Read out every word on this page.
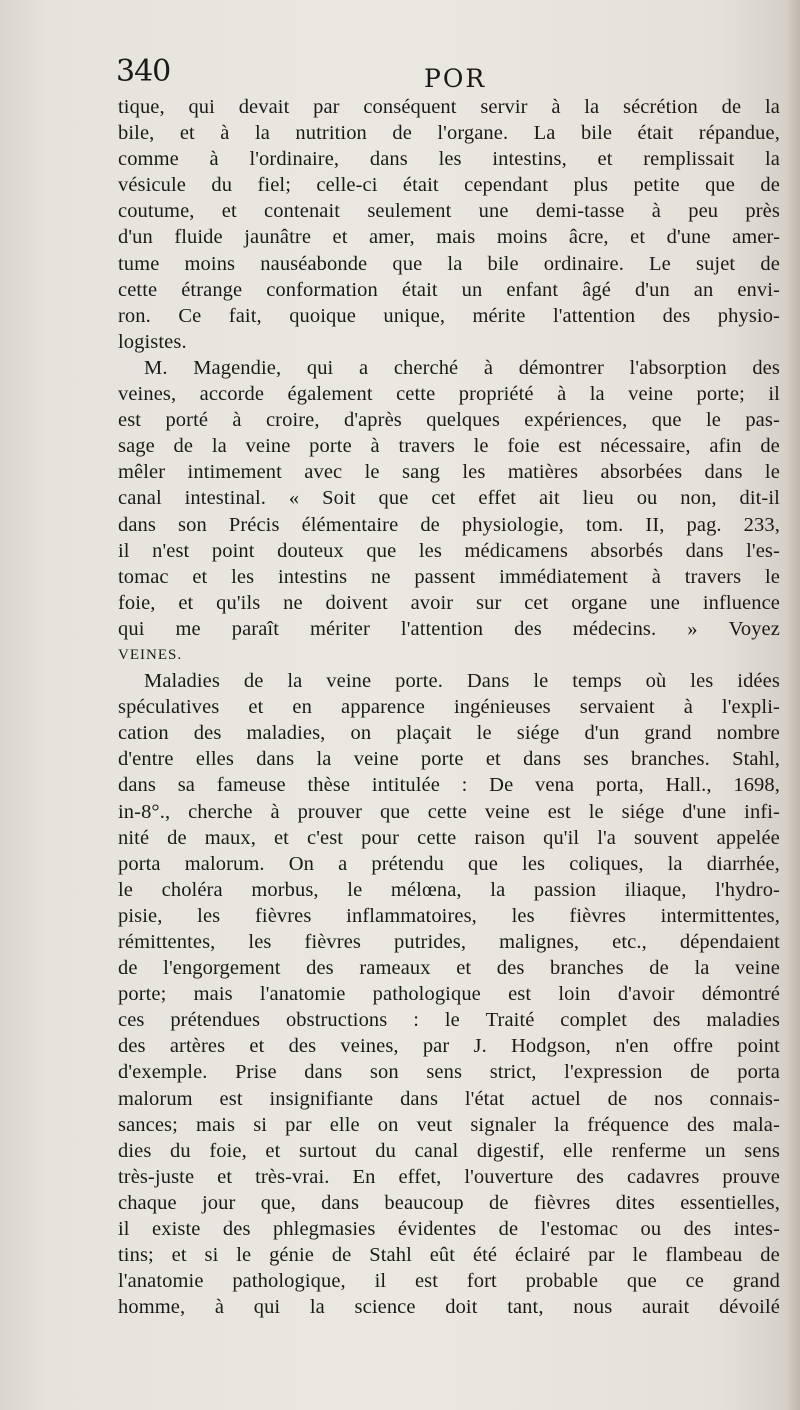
340	POR
tique, qui devait par conséquent servir à la sécrétion de la
bile, et à la nutrition de l'organe. La bile était répandue,
comme à l'ordinaire, dans les intestins, et remplissait la
vésicule du fiel; celle-ci était cependant plus petite que de
coutume, et contenait seulement une demi-tasse à peu près
d'un fluide jaunâtre et amer, mais moins âcre, et d'une amer-
tume moins nauséabonde que la bile ordinaire. Le sujet de
cette étrange conformation était un enfant âgé d'un an envi-
ron. Ce fait, quoique unique, mérite l'attention des physio-
logistes.
M. Magendie, qui a cherché à démontrer l'absorption des
veines, accorde également cette propriété à la veine porte; il
est porté à croire, d'après quelques expériences, que le pas-
sage de la veine porte à travers le foie est nécessaire, afin de
mêler intimement avec le sang les matières absorbées dans le
canal intestinal. « Soit que cet effet ait lieu ou non, dit-il
dans son Précis élémentaire de physiologie, tom. II, pag. 233,
il n'est point douteux que les médicamens absorbés dans l'es-
tomac et les intestins ne passent immédiatement à travers le
foie, et qu'ils ne doivent avoir sur cet organe une influence
qui me paraît mériter l'attention des médecins. » Voyez
VEINES.
Maladies de la veine porte. Dans le temps où les idées
spéculatives et en apparence ingénieuses servaient à l'expli-
cation des maladies, on plaçait le siége d'un grand nombre
d'entre elles dans la veine porte et dans ses branches. Stahl,
dans sa fameuse thèse intitulée : De vena porta, Hall., 1698,
in-8°., cherche à prouver que cette veine est le siége d'une infi-
nité de maux, et c'est pour cette raison qu'il l'a souvent appelée
porta malorum. On a prétendu que les coliques, la diarrhée,
le choléra morbus, le mélœna, la passion iliaque, l'hydro-
pisie, les fièvres inflammatoires, les fièvres intermittentes,
rémittentes, les fièvres putrides, malignes, etc., dépendaient
de l'engorgement des rameaux et des branches de la veine
porte; mais l'anatomie pathologique est loin d'avoir démontré
ces prétendues obstructions : le Traité complet des maladies
des artères et des veines, par J. Hodgson, n'en offre point
d'exemple. Prise dans son sens strict, l'expression de porta
malorum est insignifiante dans l'état actuel de nos connais-
sances; mais si par elle on veut signaler la fréquence des mala-
dies du foie, et surtout du canal digestif, elle renferme un sens
très-juste et très-vrai. En effet, l'ouverture des cadavres prouve
chaque jour que, dans beaucoup de fièvres dites essentielles,
il existe des phlegmasies évidentes de l'estomac ou des intes-
tins; et si le génie de Stahl eût été éclairé par le flambeau de
l'anatomie pathologique, il est fort probable que ce grand
homme, à qui la science doit tant, nous aurait dévoilé
